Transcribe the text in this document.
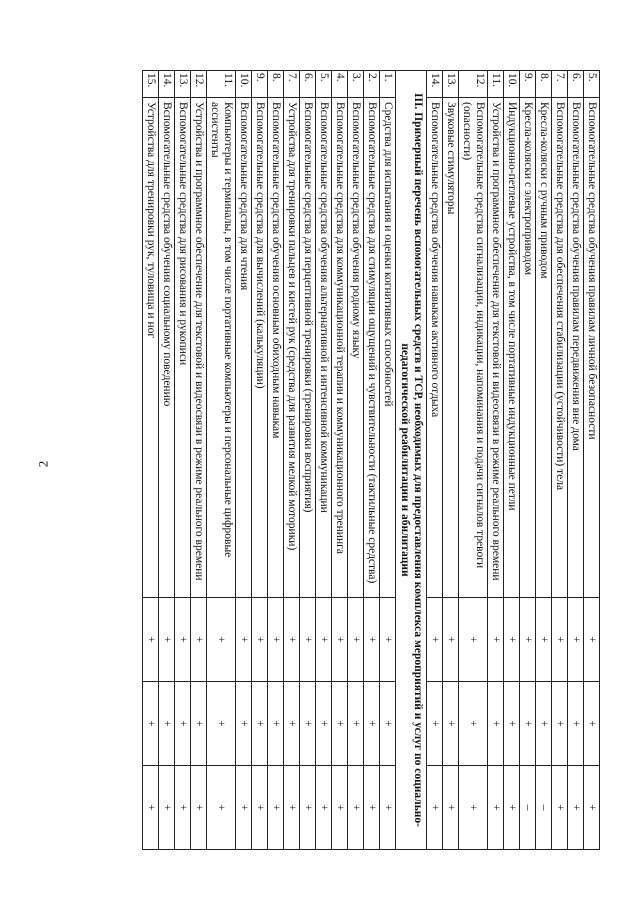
2
5.	Вспомогательные средства обучения правилам личной безопасности	+	+	+
6.	Вспомогательные средства обучения правилам передвижения вне дома	+	+	+
7.	Вспомогательные средства для обеспечения стабилизации (устойчивости) тела	+	+	+
8.	Кресла-коляски с ручным приводом	+	+	–
9.	Кресла-коляски с электроприводом	+	+	–
10.	Индукционно-петлевые устройства, в том числе портативные индукционные петли	+	+	+
11.	Устройства и программное обеспечение для текстовой и видеосвязи в режиме реального времени	+	+	+
12.	Вспомогательные средства сигнализации, индикации, напоминания и подачи сигналов тревоги (опасности)	+	+	+
13.	Звуковые стимуляторы	+	+	+
14.	Вспомогательные средства обучения навыкам активного отдыха	+	+	+
III. Примерный перечень вспомогательных средств и ТСР, необходимых для предоставления комплекса мероприятий и услуг по социально-педагогической реабилитации и абилитации				
1.	Средства для испытания и оценки когнитивных способностей	+	+	+
2.	Вспомогательные средства для стимуляции ощущений и чувствительности (тактильные средства)	+	+	+
3.	Вспомогательные средства обучения родному языку	+	+	+
4.	Вспомогательные средства для коммуникационной терапии и коммуникационного тренинга	+	+	+
5.	Вспомогательные средства обучения альтернативной и интенсивной коммуникации	+	+	+
6.	Вспомогательные средства для перцептивной тренировки (тренировки восприятия)	+	+	+
7.	Устройства для тренировки пальцев и кистей рук (средства для развития мелкой моторики)	+	+	+
8.	Вспомогательные средства обучения основным обиходным навыкам	+	+	+
9.	Вспомогательные средства для вычислений (калькуляции)	+	+	+
10.	Вспомогательные средства для чтения	+	+	+
11.	Компьютеры и терминалы, в том числе портативные компьютеры и персональные цифровые ассистенты	+	+	+
12.	Устройства и программное обеспечение для текстовой и видеосвязи в режиме реального времени	+	+	+
13.	Вспомогательные средства для рисования и рукописи	+	+	+
14.	Вспомогательные средства обучения социальному поведению	+	+	+
15.	Устройства для тренировки рук, туловища и ног	+	+	+
